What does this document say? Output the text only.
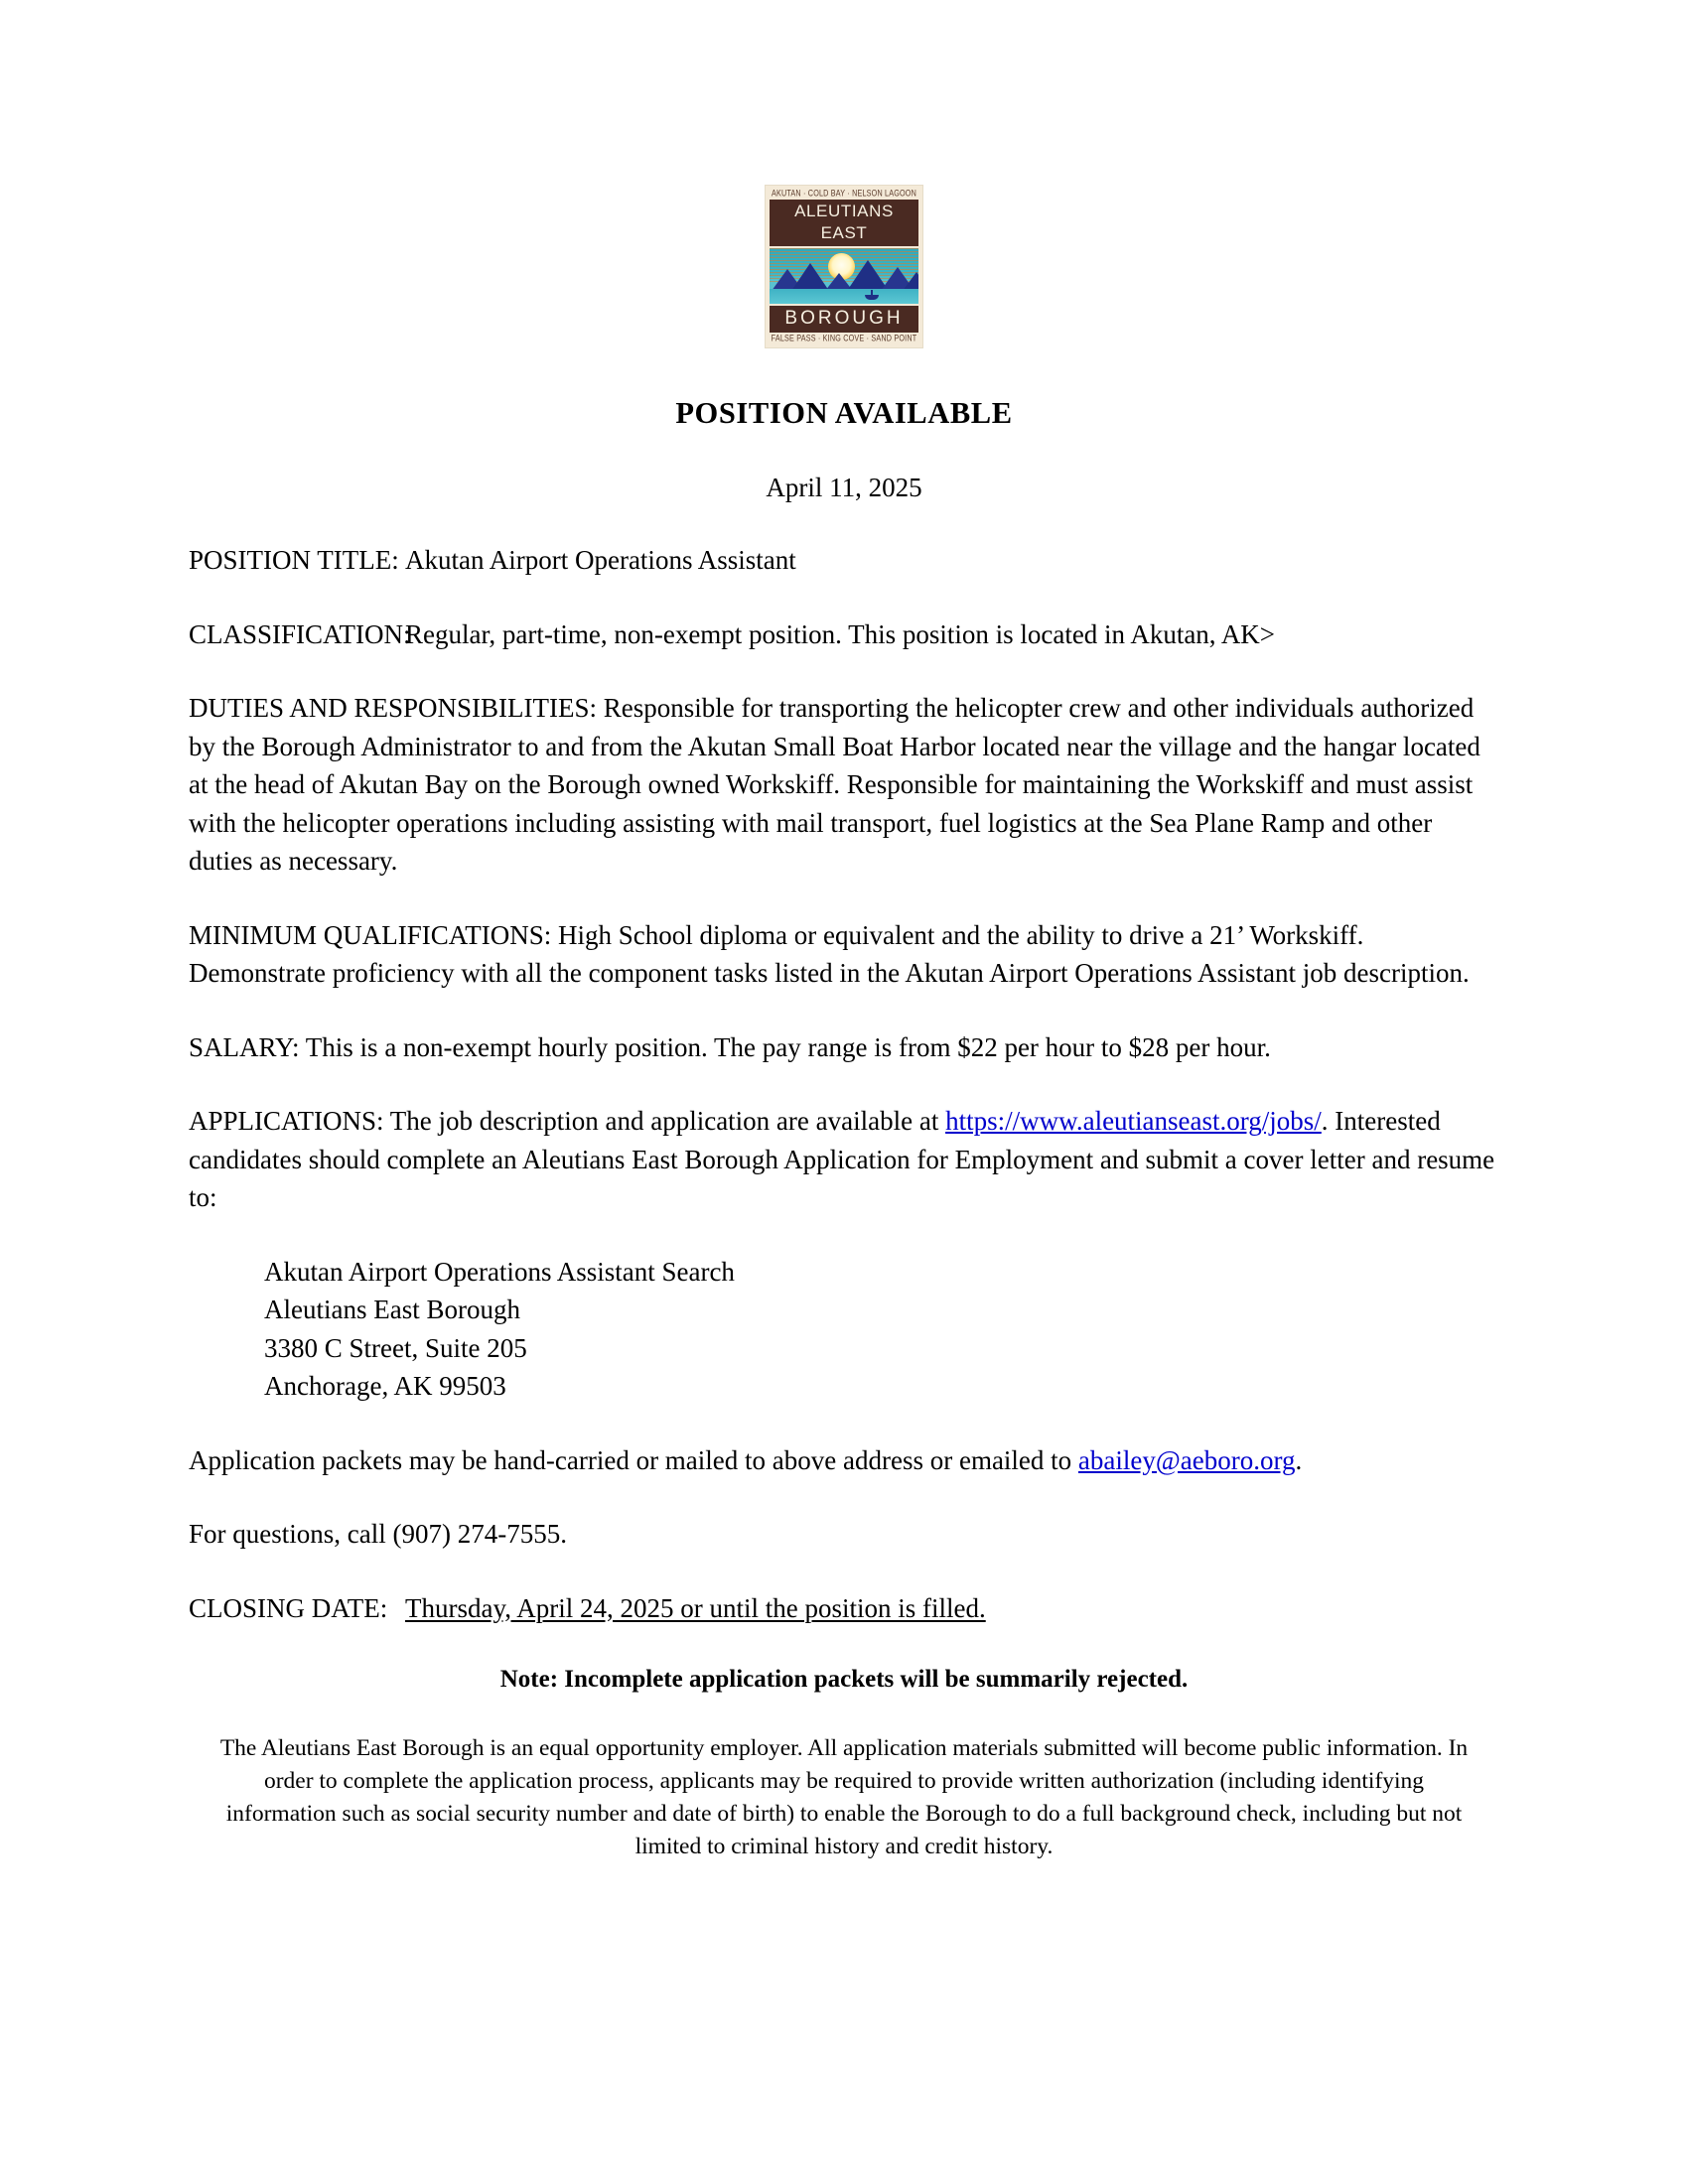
AKUTAN · COLD BAY · NELSON LAGOON
ALEUTIANS EAST
BOROUGH
FALSE PASS · KING COVE · SAND POINT
POSITION AVAILABLE
April 11, 2025
POSITION TITLE: Akutan Airport Operations Assistant
CLASSIFICATION:
Regular, part-time, non-exempt position. This position is located in Akutan, AK>

DUTIES AND RESPONSIBILITIES: Responsible for transporting the helicopter crew and other individuals authorized by the Borough Administrator to and from the Akutan Small Boat Harbor located near the village and the hangar located at the head of Akutan Bay on the Borough owned Workskiff. Responsible for maintaining the Workskiff and must assist with the helicopter operations including assisting with mail transport, fuel logistics at the Sea Plane Ramp and other duties as necessary.

MINIMUM QUALIFICATIONS: High School diploma or equivalent and the ability to drive a 21’ Workskiff. Demonstrate proficiency with all the component tasks listed in the Akutan Airport Operations Assistant job description.

SALARY: This is a non-exempt hourly position. The pay range is from $22 per hour to $28 per hour.

APPLICATIONS: The job description and application are available at https://www.aleutianseast.org/jobs/. Interested candidates should complete an Aleutians East Borough Application for Employment and submit a cover letter and resume to:

Akutan Airport Operations Assistant Search
Aleutians East Borough
3380 C Street, Suite 205
Anchorage, AK 99503

Application packets may be hand-carried or mailed to above address or emailed to abailey@aeboro.org.

For questions, call (907) 274-7555.

CLOSING DATE: Thursday, April 24, 2025 or until the position is filled.
Note: Incomplete application packets will be summarily rejected.
The Aleutians East Borough is an equal opportunity employer. All application materials submitted will become public information. In order to complete the application process, applicants may be required to provide written authorization (including identifying information such as social security number and date of birth) to enable the Borough to do a full background check, including but not limited to criminal history and credit history.
